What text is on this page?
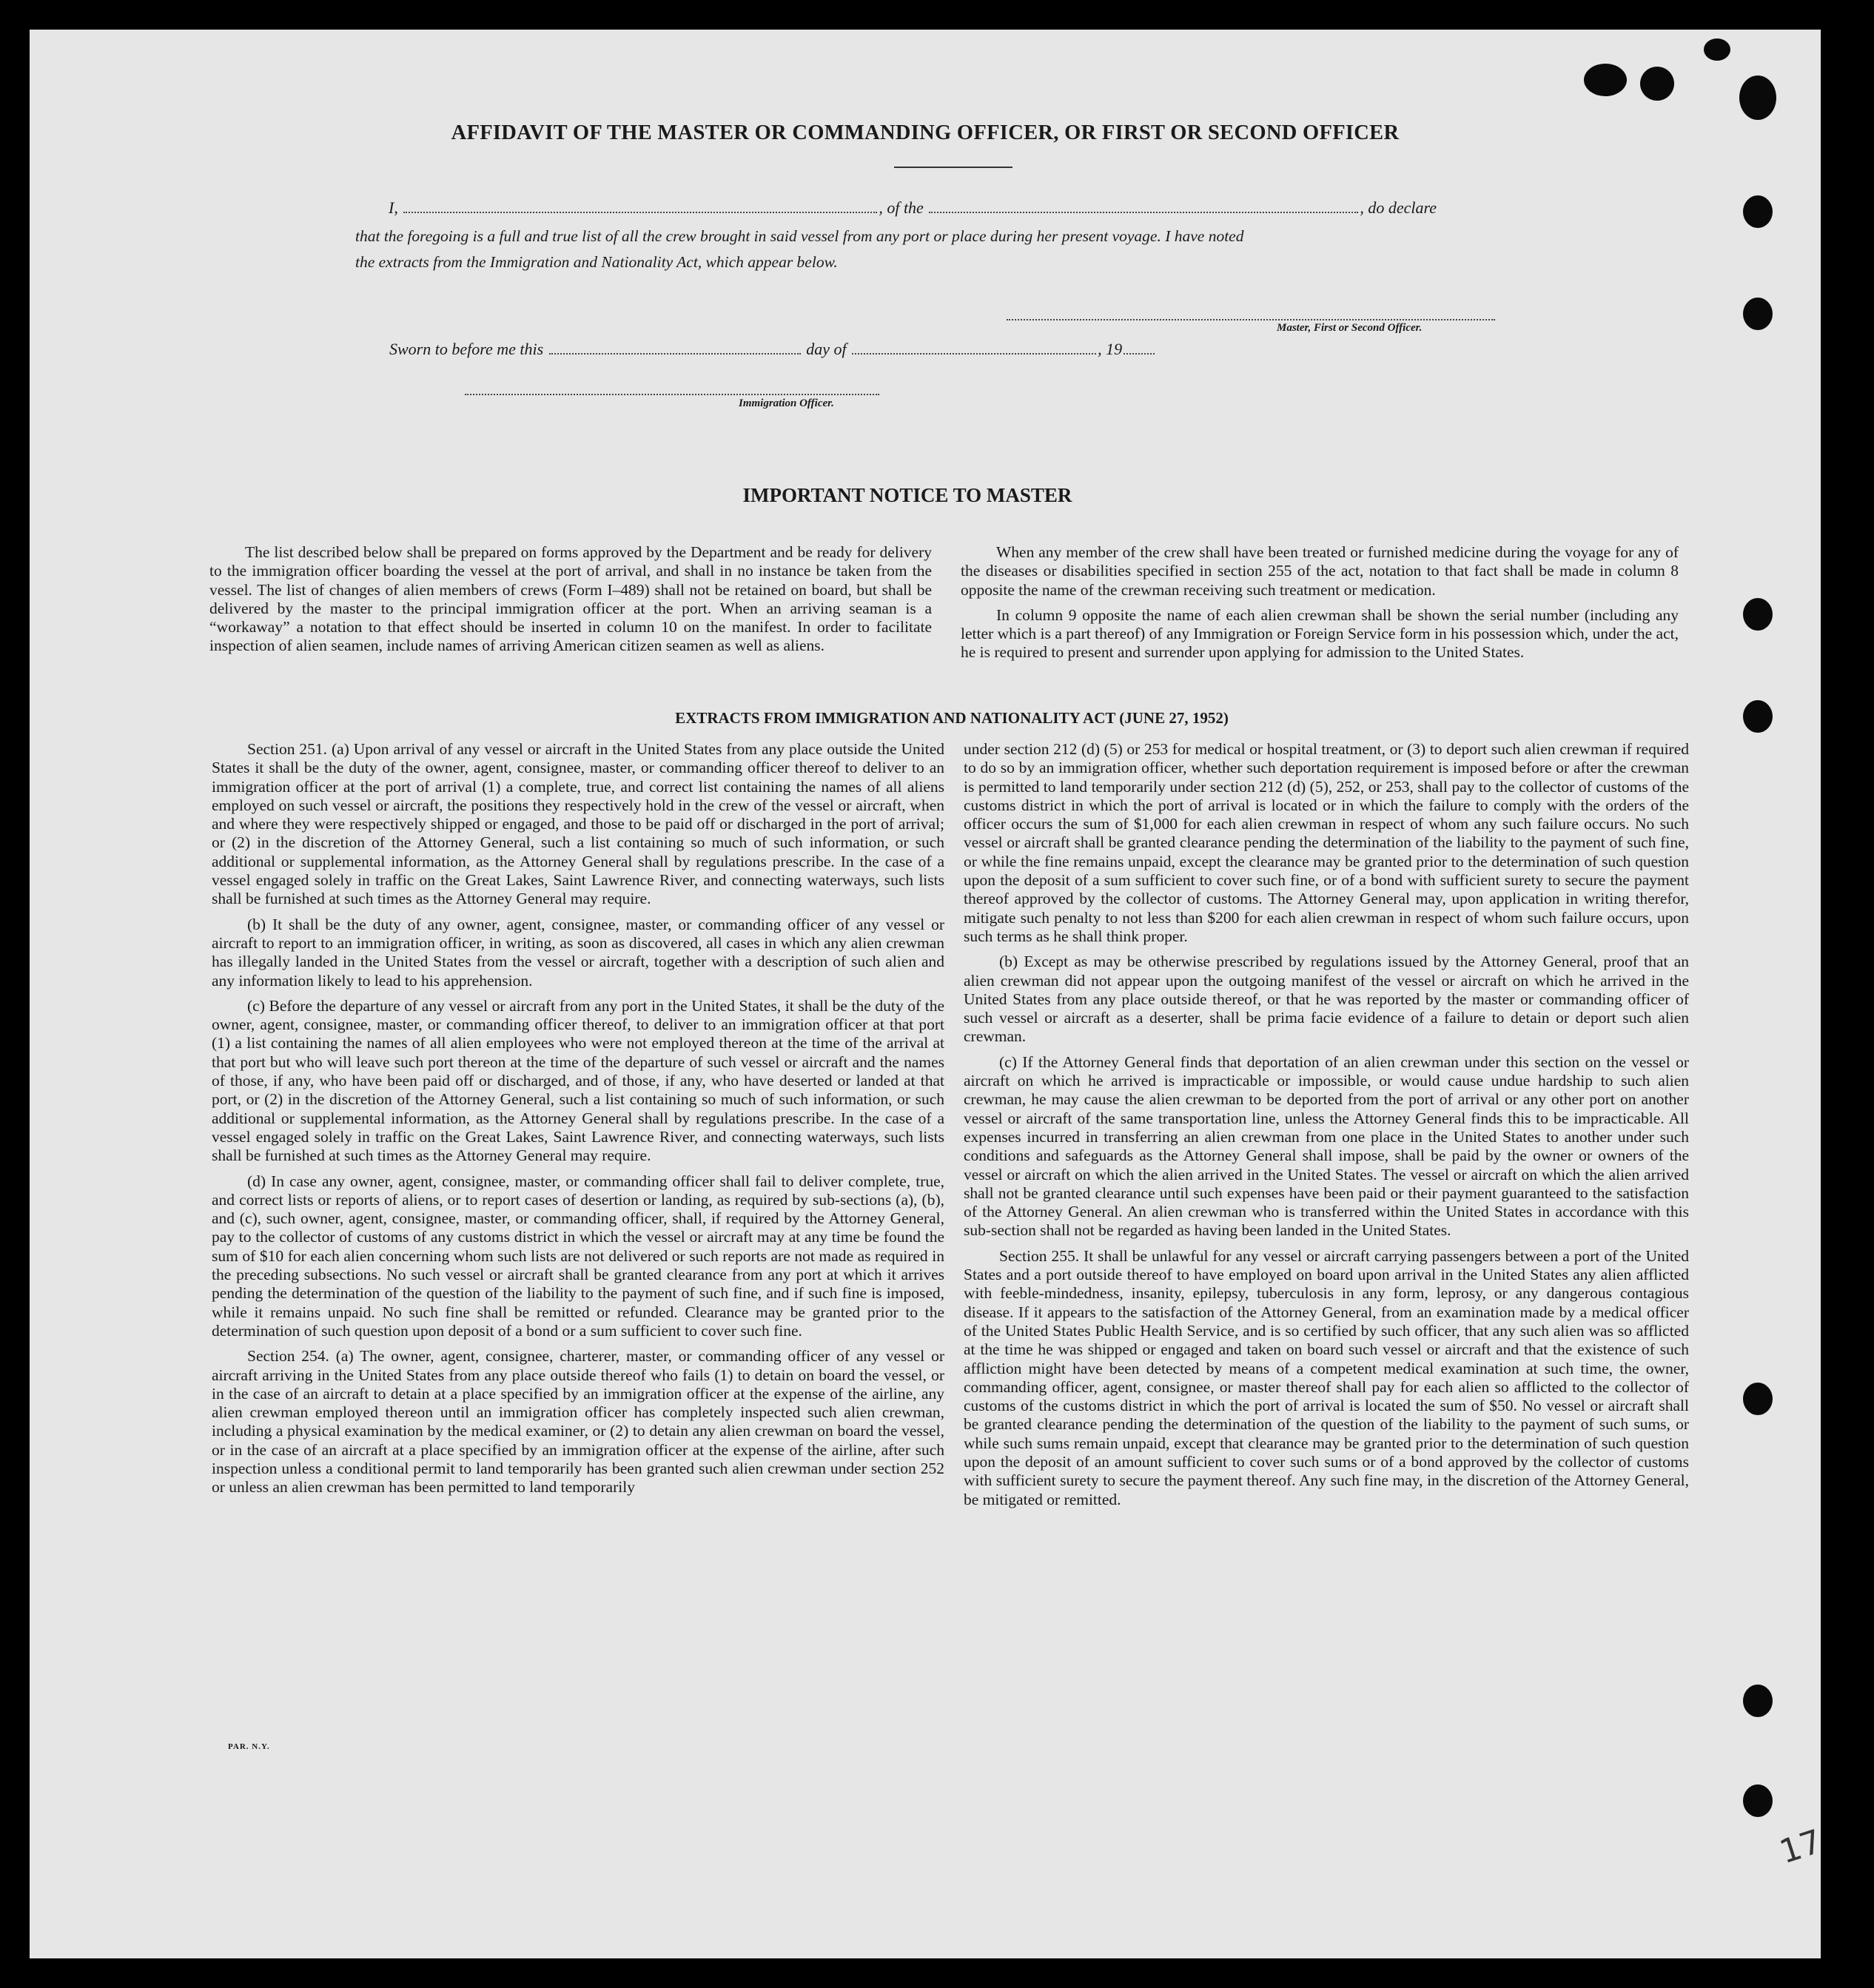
AFFIDAVIT OF THE MASTER OR COMMANDING OFFICER, OR FIRST OR SECOND OFFICER
I,	, of the	, do declare
that the foregoing is a full and true list of all the crew brought in said vessel from any port or place during her present voyage. I have noted
the extracts from the Immigration and Nationality Act, which appear below.
Master, First or Second Officer.
Sworn to before me this	day of	, 19
Immigration Officer.
IMPORTANT NOTICE TO MASTER

The list described below shall be prepared on forms approved by the Department and be ready for delivery to the immigration officer boarding the vessel at the port of arrival, and shall in no instance be taken from the vessel. The list of changes of alien members of crews (Form I–489) shall not be retained on board, but shall be delivered by the master to the principal immigration officer at the port. When an arriving seaman is a “workaway” a notation to that effect should be inserted in column 10 on the manifest. In order to facilitate inspection of alien seamen, include names of arriving American citizen seamen as well as aliens.

When any member of the crew shall have been treated or furnished medicine during the voyage for any of the diseases or disabilities specified in section 255 of the act, notation to that fact shall be made in column 8 opposite the name of the crewman receiving such treatment or medication.

In column 9 opposite the name of each alien crewman shall be shown the serial number (including any letter which is a part thereof) of any Immigration or Foreign Service form in his possession which, under the act, he is required to present and surrender upon applying for admission to the United States.

EXTRACTS FROM IMMIGRATION AND NATIONALITY ACT (JUNE 27, 1952)

Section 251. (a) Upon arrival of any vessel or aircraft in the United States from any place outside the United States it shall be the duty of the owner, agent, consignee, master, or commanding officer thereof to deliver to an immigration officer at the port of arrival (1) a complete, true, and correct list containing the names of all aliens employed on such vessel or aircraft, the positions they respectively hold in the crew of the vessel or aircraft, when and where they were respectively shipped or engaged, and those to be paid off or discharged in the port of arrival; or (2) in the discretion of the Attorney General, such a list containing so much of such information, or such additional or supplemental information, as the Attorney General shall by regulations prescribe. In the case of a vessel engaged solely in traffic on the Great Lakes, Saint Lawrence River, and connecting waterways, such lists shall be furnished at such times as the Attorney General may require.

(b) It shall be the duty of any owner, agent, consignee, master, or commanding officer of any vessel or aircraft to report to an immigration officer, in writing, as soon as discovered, all cases in which any alien crewman has illegally landed in the United States from the vessel or aircraft, together with a description of such alien and any information likely to lead to his apprehension.

(c) Before the departure of any vessel or aircraft from any port in the United States, it shall be the duty of the owner, agent, consignee, master, or commanding officer thereof, to deliver to an immigration officer at that port (1) a list containing the names of all alien employees who were not employed thereon at the time of the arrival at that port but who will leave such port thereon at the time of the departure of such vessel or aircraft and the names of those, if any, who have been paid off or discharged, and of those, if any, who have deserted or landed at that port, or (2) in the discretion of the Attorney General, such a list containing so much of such information, or such additional or supplemental information, as the Attorney General shall by regulations prescribe. In the case of a vessel engaged solely in traffic on the Great Lakes, Saint Lawrence River, and connecting waterways, such lists shall be furnished at such times as the Attorney General may require.

(d) In case any owner, agent, consignee, master, or commanding officer shall fail to deliver complete, true, and correct lists or reports of aliens, or to report cases of desertion or landing, as required by sub-sections (a), (b), and (c), such owner, agent, consignee, master, or commanding officer, shall, if required by the Attorney General, pay to the collector of customs of any customs district in which the vessel or aircraft may at any time be found the sum of $10 for each alien concerning whom such lists are not delivered or such reports are not made as required in the preceding subsections. No such vessel or aircraft shall be granted clearance from any port at which it arrives pending the determination of the question of the liability to the payment of such fine, and if such fine is imposed, while it remains unpaid. No such fine shall be remitted or refunded. Clearance may be granted prior to the determination of such question upon deposit of a bond or a sum sufficient to cover such fine.

Section 254. (a) The owner, agent, consignee, charterer, master, or commanding officer of any vessel or aircraft arriving in the United States from any place outside thereof who fails (1) to detain on board the vessel, or in the case of an aircraft to detain at a place specified by an immigration officer at the expense of the airline, any alien crewman employed thereon until an immigration officer has completely inspected such alien crewman, including a physical examination by the medical examiner, or (2) to detain any alien crewman on board the vessel, or in the case of an aircraft at a place specified by an immigration officer at the expense of the airline, after such inspection unless a conditional permit to land temporarily has been granted such alien crewman under section 252 or unless an alien crewman has been permitted to land temporarily

under section 212 (d) (5) or 253 for medical or hospital treatment, or (3) to deport such alien crewman if required to do so by an immigration officer, whether such deportation requirement is imposed before or after the crewman is permitted to land temporarily under section 212 (d) (5), 252, or 253, shall pay to the collector of customs of the customs district in which the port of arrival is located or in which the failure to comply with the orders of the officer occurs the sum of $1,000 for each alien crewman in respect of whom any such failure occurs. No such vessel or aircraft shall be granted clearance pending the determination of the liability to the payment of such fine, or while the fine remains unpaid, except the clearance may be granted prior to the determination of such question upon the deposit of a sum sufficient to cover such fine, or of a bond with sufficient surety to secure the payment thereof approved by the collector of customs. The Attorney General may, upon application in writing therefor, mitigate such penalty to not less than $200 for each alien crewman in respect of whom such failure occurs, upon such terms as he shall think proper.

(b) Except as may be otherwise prescribed by regulations issued by the Attorney General, proof that an alien crewman did not appear upon the outgoing manifest of the vessel or aircraft on which he arrived in the United States from any place outside thereof, or that he was reported by the master or commanding officer of such vessel or aircraft as a deserter, shall be prima facie evidence of a failure to detain or deport such alien crewman.

(c) If the Attorney General finds that deportation of an alien crewman under this section on the vessel or aircraft on which he arrived is impracticable or impossible, or would cause undue hardship to such alien crewman, he may cause the alien crewman to be deported from the port of arrival or any other port on another vessel or aircraft of the same transportation line, unless the Attorney General finds this to be impracticable. All expenses incurred in transferring an alien crewman from one place in the United States to another under such conditions and safeguards as the Attorney General shall impose, shall be paid by the owner or owners of the vessel or aircraft on which the alien arrived in the United States. The vessel or aircraft on which the alien arrived shall not be granted clearance until such expenses have been paid or their payment guaranteed to the satisfaction of the Attorney General. An alien crewman who is transferred within the United States in accordance with this sub-section shall not be regarded as having been landed in the United States.

Section 255. It shall be unlawful for any vessel or aircraft carrying passengers between a port of the United States and a port outside thereof to have employed on board upon arrival in the United States any alien afflicted with feeble-mindedness, insanity, epilepsy, tuberculosis in any form, leprosy, or any dangerous contagious disease. If it appears to the satisfaction of the Attorney General, from an examination made by a medical officer of the United States Public Health Service, and is so certified by such officer, that any such alien was so afflicted at the time he was shipped or engaged and taken on board such vessel or aircraft and that the existence of such affliction might have been detected by means of a competent medical examination at such time, the owner, commanding officer, agent, consignee, or master thereof shall pay for each alien so afflicted to the collector of customs of the customs district in which the port of arrival is located the sum of $50. No vessel or aircraft shall be granted clearance pending the determination of the question of the liability to the payment of such sums, or while such sums remain unpaid, except that clearance may be granted prior to the determination of such question upon the deposit of an amount sufficient to cover such sums or of a bond approved by the collector of customs with sufficient surety to secure the payment thereof. Any such fine may, in the discretion of the Attorney General, be mitigated or remitted.

PAR. N.Y.
17
